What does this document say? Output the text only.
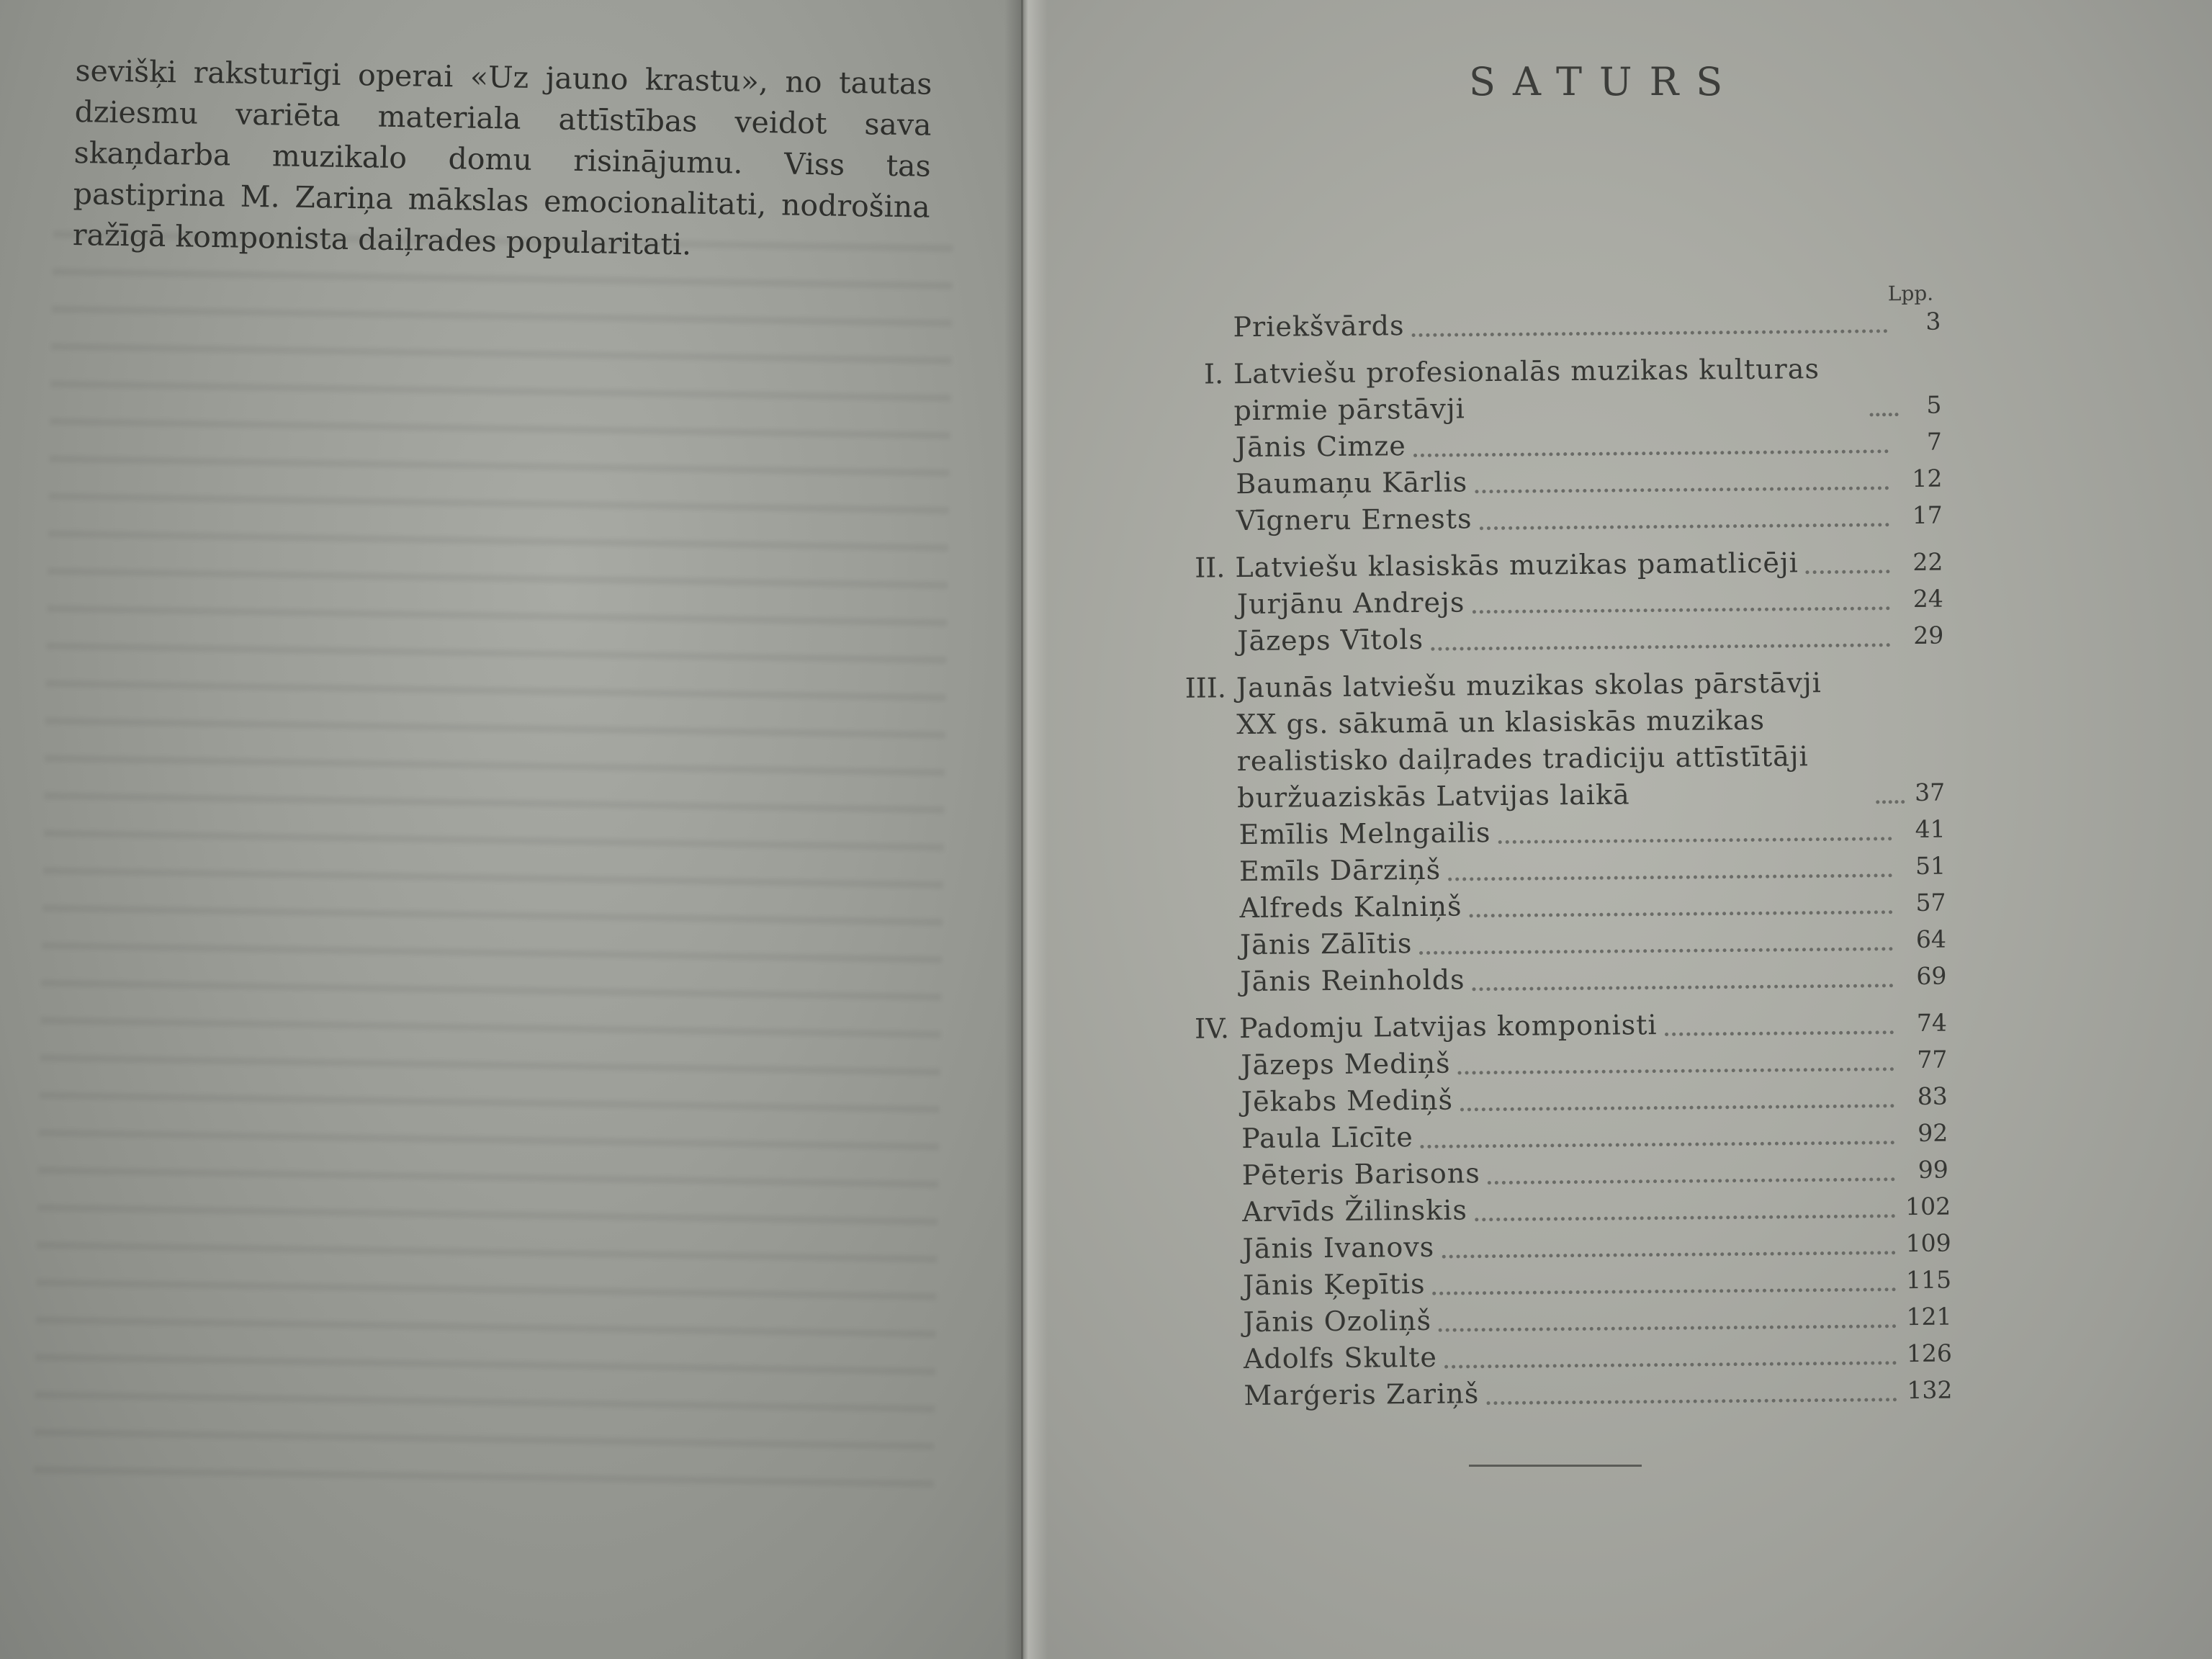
sevišķi raksturīgi operai «Uz jauno krastu», no tautas dziesmu variēta materiala attīstības veidot sava skaņdarba muzikalo domu risinājumu. Viss tas pastiprina M. Zariņa mākslas emocionalitati, nodrošina ražīgā komponista daiļrades popularitati.

SATURS
Lpp.
Priekšvārds	3
I. Latviešu profesionalās muzikas kulturas pirmie pārstāvji	5
Jānis Cimze	7
Baumaņu Kārlis	12
Vīgneru Ernests	17
II. Latviešu klasiskās muzikas pamatlicēji	22
Jurjānu Andrejs	24
Jāzeps Vītols	29
III. Jaunās latviešu muzikas skolas pārstāvji XX gs. sākumā un klasiskās muzikas realistisko daiļrades tradiciju attīstītāji buržuaziskās Latvijas laikā	37
Emīlis Melngailis	41
Emīls Dārziņš	51
Alfreds Kalniņš	57
Jānis Zālītis	64
Jānis Reinholds	69
IV. Padomju Latvijas komponisti	74
Jāzeps Mediņš	77
Jēkabs Mediņš	83
Paula Līcīte	92
Pēteris Barisons	99
Arvīds Žilinskis	102
Jānis Ivanovs	109
Jānis Ķepītis	115
Jānis Ozoliņš	121
Adolfs Skulte	126
Marģeris Zariņš	132
